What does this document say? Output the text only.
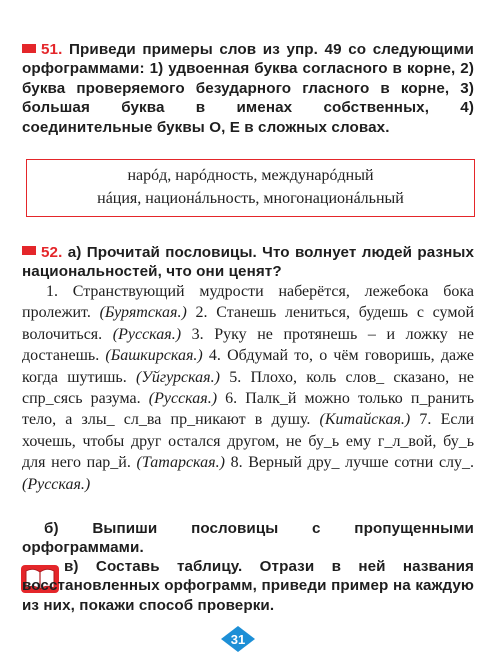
51. Приведи примеры слов из упр. 49 со следующими орфограммами: 1) удвоенная буква согласного в корне, 2) буква проверяемого безударного гласного в корне, 3) большая буква в именах собственных, 4) соединительные буквы О, Е в сложных словах.
нарóд, нарóдность, междунарóдный
нáция, национáльность, многонационáльный
52. а) Прочитай пословицы. Что волнует людей разных национальностей, что они ценят?

1. Странствующий мудрости наберётся, лежебока бока пролежит. (Бурятская.) 2. Станешь лениться, будешь с сумой волочиться. (Русская.) 3. Руку не протянешь – и ложку не достанешь. (Башкирская.) 4. Обдумай то, о чём говоришь, даже когда шутишь. (Уйгурская.) 5. Плохо, коль слов_ сказано, не спр_сясь разума. (Русская.) 6. Палк_й можно только п_ранить тело, а злы_ сл_ва пр_никают в душу. (Китайская.) 7. Если хочешь, чтобы друг остался другом, не бу_ь ему г_л_вой, бу_ь для него пар_й. (Татарская.) 8. Верный дру_ лучше сотни слу_. (Русская.)

б) Выпиши пословицы с пропущенными орфограммами.
в) Составь таблицу. Отрази в ней названия восстановленных орфограмм, приведи пример на каждую из них, покажи способ проверки.
31
